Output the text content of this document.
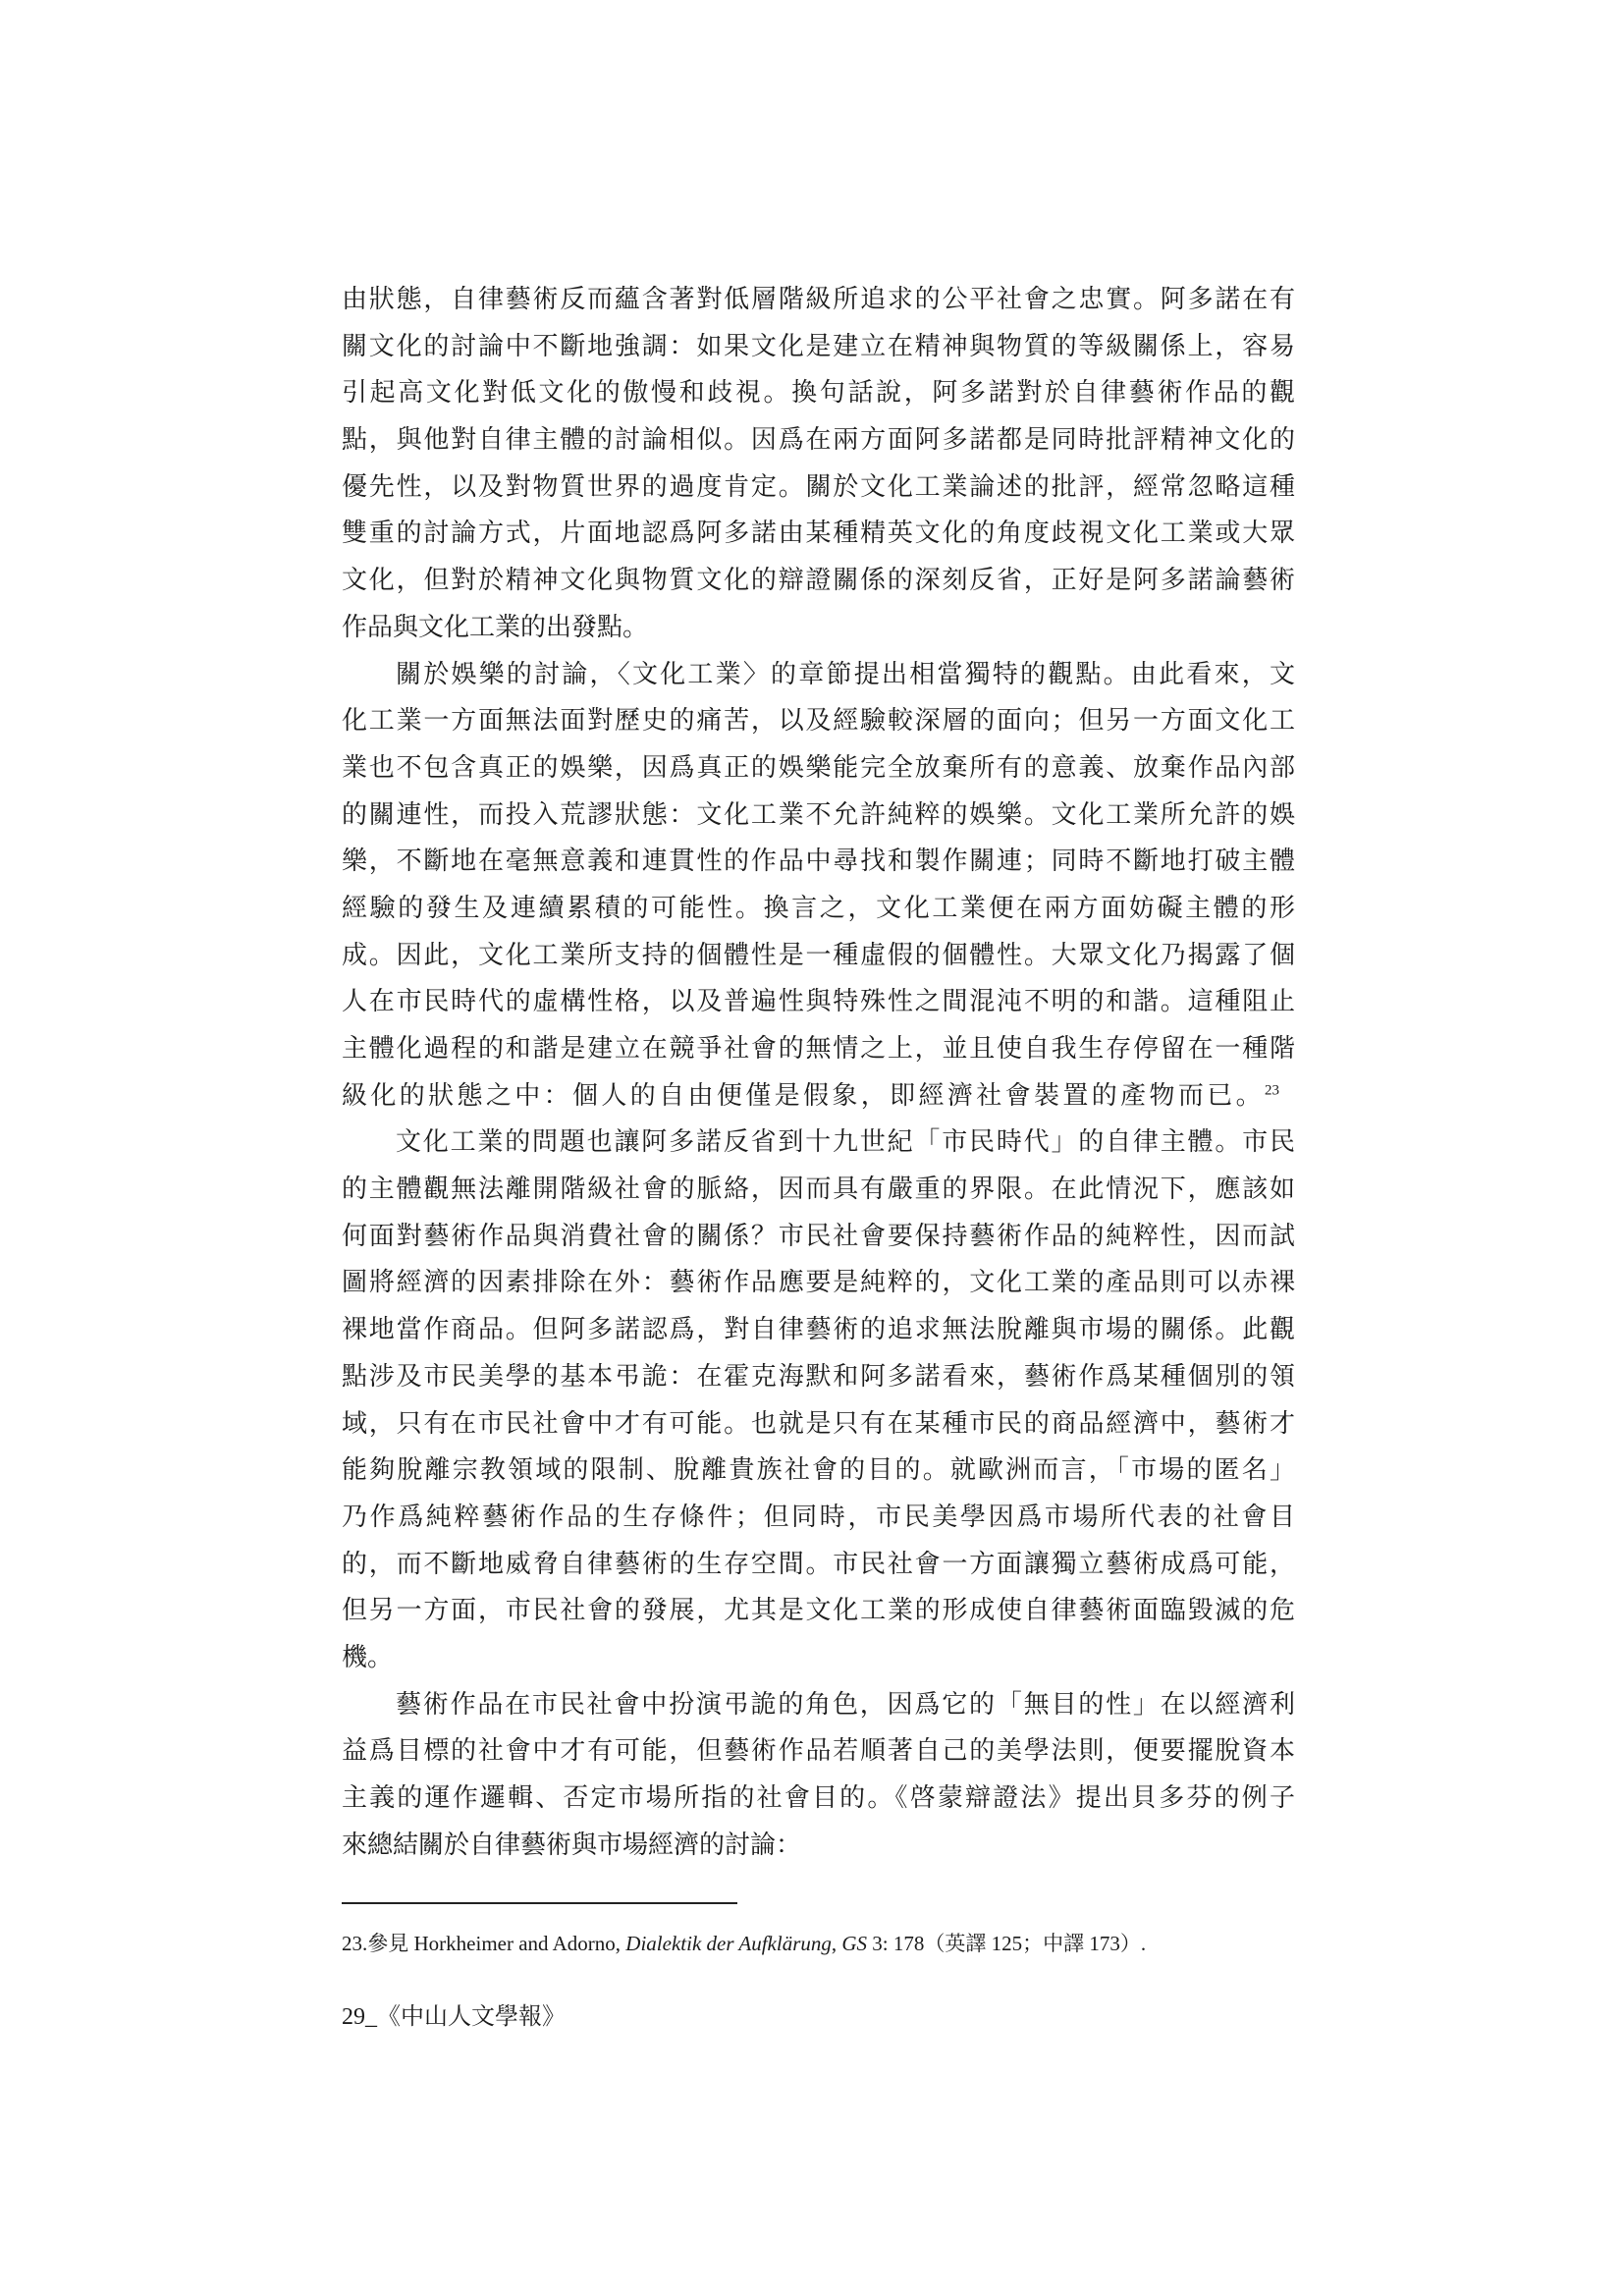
由狀態，自律藝術反而蘊含著對低層階級所追求的公平社會之忠實。阿多諾在有
關文化的討論中不斷地強調：如果文化是建立在精神與物質的等級關係上，容易
引起高文化對低文化的傲慢和歧視。換句話說，阿多諾對於自律藝術作品的觀
點，與他對自律主體的討論相似。因爲在兩方面阿多諾都是同時批評精神文化的
優先性，以及對物質世界的過度肯定。關於文化工業論述的批評，經常忽略這種
雙重的討論方式，片面地認爲阿多諾由某種精英文化的角度歧視文化工業或大眾
文化，但對於精神文化與物質文化的辯證關係的深刻反省，正好是阿多諾論藝術
作品與文化工業的出發點。
關於娛樂的討論，〈文化工業〉的章節提出相當獨特的觀點。由此看來，文
化工業一方面無法面對歷史的痛苦，以及經驗較深層的面向；但另一方面文化工
業也不包含真正的娛樂，因爲真正的娛樂能完全放棄所有的意義、放棄作品內部
的關連性，而投入荒謬狀態：文化工業不允許純粹的娛樂。文化工業所允許的娛
樂，不斷地在毫無意義和連貫性的作品中尋找和製作關連；同時不斷地打破主體
經驗的發生及連續累積的可能性。換言之，文化工業便在兩方面妨礙主體的形
成。因此，文化工業所支持的個體性是一種虛假的個體性。大眾文化乃揭露了個
人在市民時代的虛構性格，以及普遍性與特殊性之間混沌不明的和諧。這種阻止
主體化過程的和諧是建立在競爭社會的無情之上，並且使自我生存停留在一種階
級化的狀態之中：個人的自由便僅是假象，即經濟社會裝置的產物而已。$^{23}$
文化工業的問題也讓阿多諾反省到十九世紀「市民時代」的自律主體。市民
的主體觀無法離開階級社會的脈絡，因而具有嚴重的界限。在此情況下，應該如
何面對藝術作品與消費社會的關係？市民社會要保持藝術作品的純粹性，因而試
圖將經濟的因素排除在外：藝術作品應要是純粹的，文化工業的產品則可以赤裸
裸地當作商品。但阿多諾認爲，對自律藝術的追求無法脫離與市場的關係。此觀
點涉及市民美學的基本弔詭：在霍克海默和阿多諾看來，藝術作爲某種個別的領
域，只有在市民社會中才有可能。也就是只有在某種市民的商品經濟中，藝術才
能夠脫離宗教領域的限制、脫離貴族社會的目的。就歐洲而言，「市場的匿名」
乃作爲純粹藝術作品的生存條件；但同時，市民美學因爲市場所代表的社會目
的，而不斷地威脅自律藝術的生存空間。市民社會一方面讓獨立藝術成爲可能，
但另一方面，市民社會的發展，尤其是文化工業的形成使自律藝術面臨毀滅的危
機。
藝術作品在市民社會中扮演弔詭的角色，因爲它的「無目的性」在以經濟利
益爲目標的社會中才有可能，但藝術作品若順著自己的美學法則，便要擺脫資本
主義的運作邏輯、否定市場所指的社會目的。《啓蒙辯證法》提出貝多芬的例子
來總結關於自律藝術與市場經濟的討論：
23.參見 Horkheimer and Adorno, Dialektik der Aufklärung, GS 3: 178（英譯 125；中譯 173）.
29_《中山人文學報》
